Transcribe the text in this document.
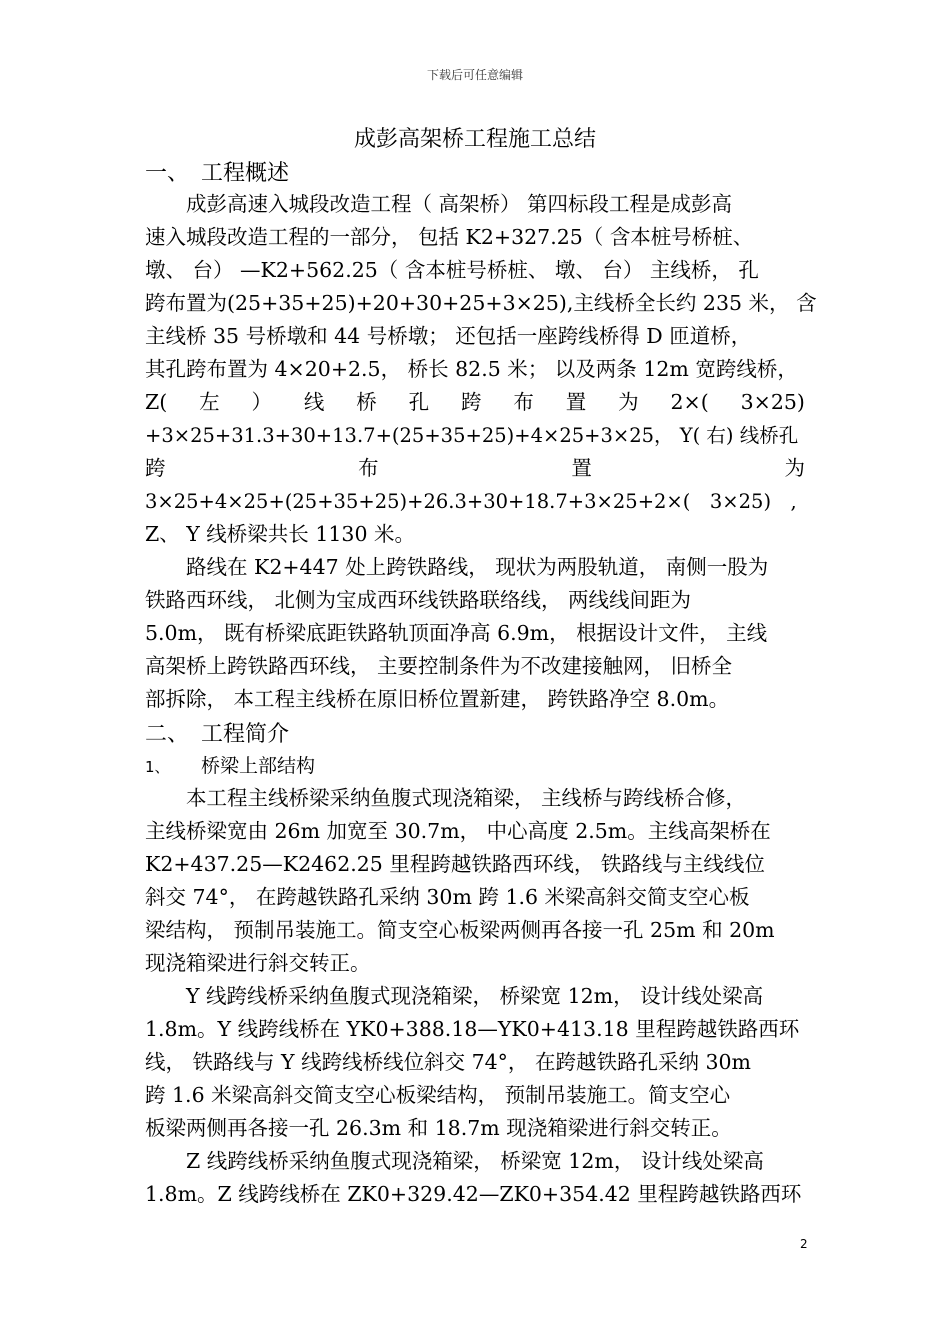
下载后可任意编辑
成彭高架桥工程施工总结
一、 工程概述
　　成彭高速入城段改造工程（ 高架桥） 第四标段工程是成彭高
速入城段改造工程的一部分， 包括 K2+327.25（ 含本桩号桥桩、
墩、 台） —K2+562.25（ 含本桩号桥桩、 墩、 台） 主线桥， 孔
跨布置为(25+35+25)+20+30+25+3×25),主线桥全长约 235 米， 含
主线桥 35 号桥墩和 44 号桥墩； 还包括一座跨线桥得 D 匝道桥，
其孔跨布置为 4×20+2.5， 桥长 82.5 米； 以及两条 12m 宽跨线桥，
Z( 左 ） 线 桥 孔 跨 布 置 为 2×( 3×25)
+3×25+31.3+30+13.7+(25+35+25)+4×25+3×25， Y( 右) 线桥孔
跨	布	置	为
3×25+4×25+(25+35+25)+26.3+30+18.7+3×25+2×(　3×25)　,
Z、 Y 线桥梁共长 1130 米。
　　路线在 K2+447 处上跨铁路线， 现状为两股轨道， 南侧一股为
铁路西环线， 北侧为宝成西环线铁路联络线， 两线线间距为
5.0m， 既有桥梁底距铁路轨顶面净高 6.9m， 根据设计文件， 主线
高架桥上跨铁路西环线， 主要控制条件为不改建接触网， 旧桥全
部拆除， 本工程主线桥在原旧桥位置新建， 跨铁路净空 8.0m。
二、 工程简介
1、 桥梁上部结构
　　本工程主线桥梁采纳鱼腹式现浇箱梁， 主线桥与跨线桥合修，
主线桥梁宽由 26m 加宽至 30.7m， 中心高度 2.5m。主线高架桥在
K2+437.25—K2462.25 里程跨越铁路西环线， 铁路线与主线线位
斜交 74°， 在跨越铁路孔采纳 30m 跨 1.6 米梁高斜交简支空心板
梁结构， 预制吊装施工。简支空心板梁两侧再各接一孔 25m 和 20m
现浇箱梁进行斜交转正。
　　Y 线跨线桥采纳鱼腹式现浇箱梁， 桥梁宽 12m， 设计线处梁高
1.8m。Y 线跨线桥在 YK0+388.18—YK0+413.18 里程跨越铁路西环
线， 铁路线与 Y 线跨线桥线位斜交 74°， 在跨越铁路孔采纳 30m
跨 1.6 米梁高斜交简支空心板梁结构， 预制吊装施工。简支空心
板梁两侧再各接一孔 26.3m 和 18.7m 现浇箱梁进行斜交转正。
　　Z 线跨线桥采纳鱼腹式现浇箱梁， 桥梁宽 12m， 设计线处梁高
1.8m。Z 线跨线桥在 ZK0+329.42—ZK0+354.42 里程跨越铁路西环
2
